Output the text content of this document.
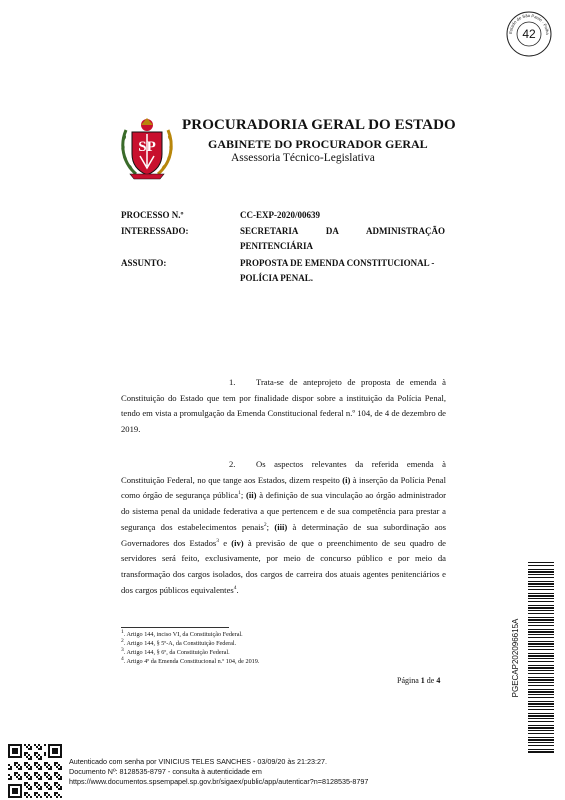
Estado de São Paulo · Folha
42
SP
PROCURADORIA GERAL DO ESTADO
GABINETE DO PROCURADOR GERAL
Assessoria Técnico-Legislativa
PROCESSO N.º	CC-EXP-2020/00639
INTERESSADO:	SECRETARIA DA ADMINISTRAÇÃO
PENITENCIÁRIA
ASSUNTO:	PROPOSTA DE EMENDA CONSTITUCIONAL -
POLÍCIA PENAL.
1. Trata-se de anteprojeto de proposta de emenda à Constituição do Estado que tem por finalidade dispor sobre a instituição da Polícia Penal, tendo em vista a promulgação da Emenda Constitucional federal n.º 104, de 4 de dezembro de 2019.
2. Os aspectos relevantes da referida emenda à Constituição Federal, no que tange aos Estados, dizem respeito (i) à inserção da Polícia Penal como órgão de segurança pública$^1$; (ii) à definição de sua vinculação ao órgão administrador do sistema penal da unidade federativa a que pertencem e de sua competência para prestar a segurança dos estabelecimentos penais$^2$; (iii) à determinação de sua subordinação aos Governadores dos Estados$^3$ e (iv) à previsão de que o preenchimento de seu quadro de servidores será feito, exclusivamente, por meio de concurso público e por meio da transformação dos cargos isolados, dos cargos de carreira dos atuais agentes penitenciários e dos cargos públicos equivalentes$^4$.
$^1$. Artigo 144, inciso VI, da Constituição Federal.
$^2$. Artigo 144, § 5º-A, da Constituição Federal.
$^3$. Artigo 144, § 6º, da Constituição Federal.
$^4$. Artigo 4º da Emenda Constitucional n.º 104, de 2019.
Página 1 de 4	PGECAP202096615A
Autenticado com senha por VINICIUS TELES SANCHES - 03/09/20 às 21:23:27.
Documento Nº: 8128535-8797 - consulta à autenticidade em
https://www.documentos.spsempapel.sp.gov.br/sigaex/public/app/autenticar?n=8128535-8797
